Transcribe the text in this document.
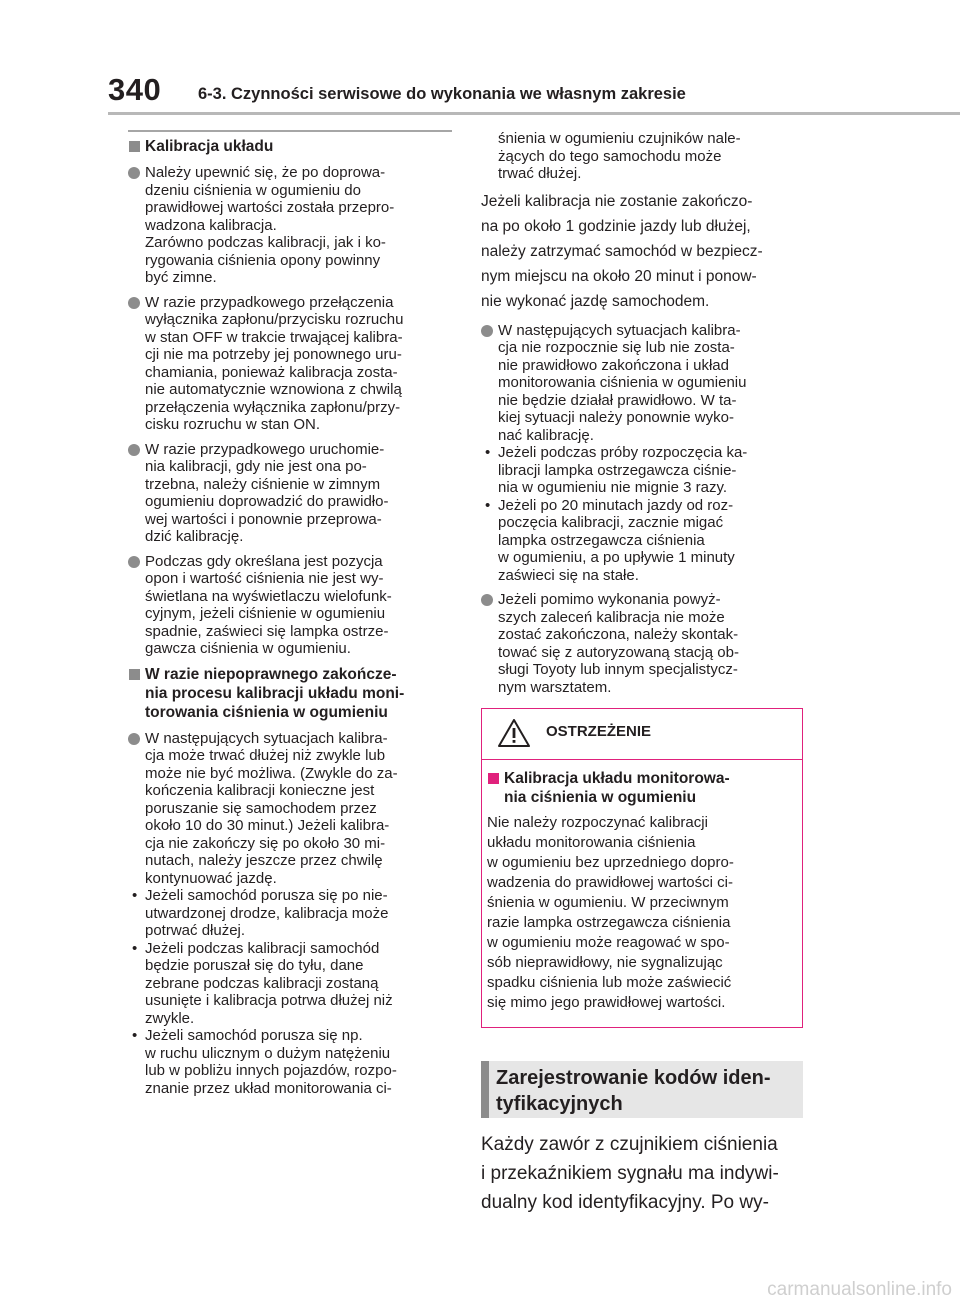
340 6-3. Czynności serwisowe do wykonania we własnym zakresie
Kalibracja układu
Należy upewnić się, że po doprowa-
dzeniu ciśnienia w ogumieniu do
prawidłowej wartości została przepro-
wadzona kalibracja.
Zarówno podczas kalibracji, jak i ko-
rygowania ciśnienia opony powinny
być zimne.
W razie przypadkowego przełączenia
wyłącznika zapłonu/przycisku rozruchu
w stan OFF w trakcie trwającej kalibra-
cji nie ma potrzeby jej ponownego uru-
chamiania, ponieważ kalibracja zosta-
nie automatycznie wznowiona z chwilą
przełączenia wyłącznika zapłonu/przy-
cisku rozruchu w stan ON.
W razie przypadkowego uruchomie-
nia kalibracji, gdy nie jest ona po-
trzebna, należy ciśnienie w zimnym
ogumieniu doprowadzić do prawidło-
wej wartości i ponownie przeprowa-
dzić kalibrację.
Podczas gdy określana jest pozycja
opon i wartość ciśnienia nie jest wy-
świetlana na wyświetlaczu wielofunk-
cyjnym, jeżeli ciśnienie w ogumieniu
spadnie, zaświeci się lampka ostrze-
gawcza ciśnienia w ogumieniu.
W razie niepoprawnego zakończe-
nia procesu kalibracji układu moni-
torowania ciśnienia w ogumieniu
W następujących sytuacjach kalibra-
cja może trwać dłużej niż zwykle lub
może nie być możliwa. (Zwykle do za-
kończenia kalibracji konieczne jest
poruszanie się samochodem przez
około 10 do 30 minut.) Jeżeli kalibra-
cja nie zakończy się po około 30 mi-
nutach, należy jeszcze przez chwilę
kontynuować jazdę.
• Jeżeli samochód porusza się po nie-
utwardzonej drodze, kalibracja może
potrwać dłużej.
• Jeżeli podczas kalibracji samochód
będzie poruszał się do tyłu, dane
zebrane podczas kalibracji zostaną
usunięte i kalibracja potrwa dłużej niż
zwykle.
• Jeżeli samochód porusza się np.
w ruchu ulicznym o dużym natężeniu
lub w pobliżu innych pojazdów, rozpo-
znanie przez układ monitorowania ci-
śnienia w ogumieniu czujników nale-
żących do tego samochodu może
trwać dłużej.
Jeżeli kalibracja nie zostanie zakończo-
na po około 1 godzinie jazdy lub dłużej,
należy zatrzymać samochód w bezpiecz-
nym miejscu na około 20 minut i ponow-
nie wykonać jazdę samochodem.
W następujących sytuacjach kalibra-
cja nie rozpocznie się lub nie zosta-
nie prawidłowo zakończona i układ
monitorowania ciśnienia w ogumieniu
nie będzie działał prawidłowo. W ta-
kiej sytuacji należy ponownie wyko-
nać kalibrację.
• Jeżeli podczas próby rozpoczęcia ka-
libracji lampka ostrzegawcza ciśnie-
nia w ogumieniu nie mignie 3 razy.
• Jeżeli po 20 minutach jazdy od roz-
poczęcia kalibracji, zacznie migać
lampka ostrzegawcza ciśnienia
w ogumieniu, a po upływie 1 minuty
zaświeci się na stałe.
Jeżeli pomimo wykonania powyż-
szych zaleceń kalibracja nie może
zostać zakończona, należy skontak-
tować się z autoryzowaną stacją ob-
sługi Toyoty lub innym specjalistycz-
nym warsztatem.
OSTRZEŻENIE
Kalibracja układu monitorowa-
nia ciśnienia w ogumieniu
Nie należy rozpoczynać kalibracji
układu monitorowania ciśnienia
w ogumieniu bez uprzedniego dopro-
wadzenia do prawidłowej wartości ci-
śnienia w ogumieniu. W przeciwnym
razie lampka ostrzegawcza ciśnienia
w ogumieniu może reagować w spo-
sób nieprawidłowy, nie sygnalizując
spadku ciśnienia lub może zaświecić
się mimo jego prawidłowej wartości.
Zarejestrowanie kodów iden-
tyfikacyjnych
Każdy zawór z czujnikiem ciśnienia
i przekaźnikiem sygnału ma indywi-
dualny kod identyfikacyjny. Po wy-
carmanualsonline.info
